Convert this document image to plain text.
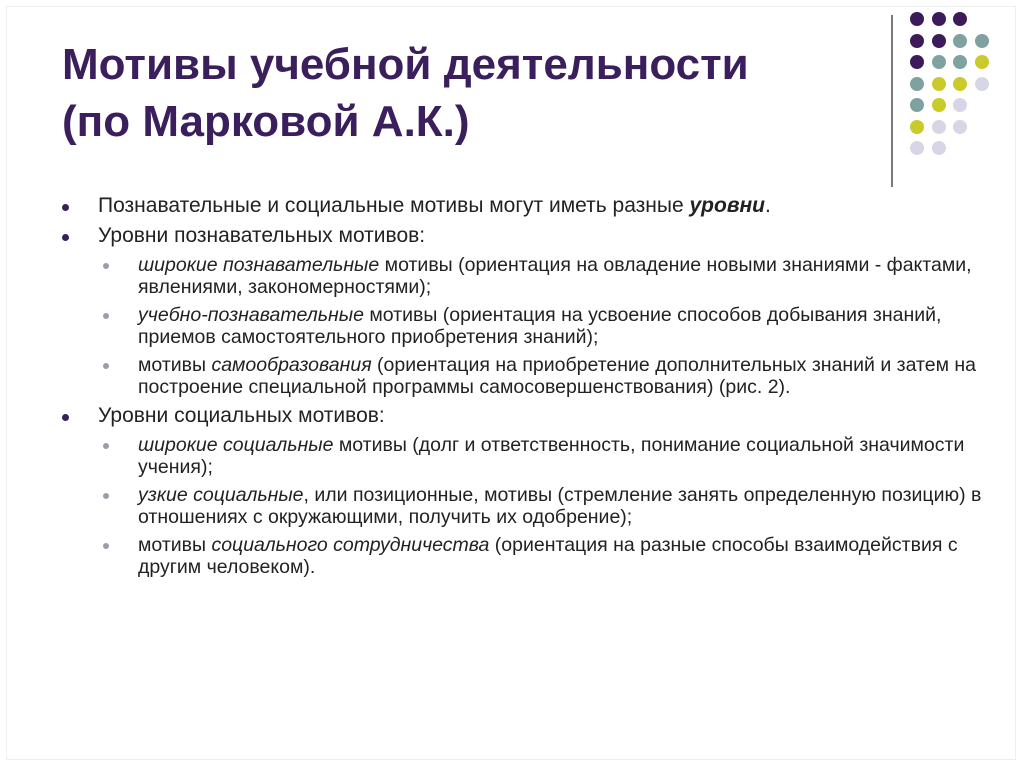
Мотивы учебной деятельности
(по Марковой А.К.)
Познавательные и социальные мотивы могут иметь разные уровни.
Уровни познавательных мотивов:
широкие познавательные мотивы (ориентация на овладение новыми знаниями - фактами, явлениями, закономерностями);
учебно-познавательные мотивы (ориентация на усвоение способов добывания знаний, приемов самостоятельного приобретения знаний);
мотивы самообразования (ориентация на приобретение дополнительных знаний и затем на построение специальной программы самосовершенствования) (рис. 2).
Уровни социальных мотивов:
широкие социальные мотивы (долг и ответственность, понимание социальной значимости учения);
узкие социальные, или позиционные, мотивы (стремление занять определенную позицию) в отношениях с окружающими, получить их одобрение);
мотивы социального сотрудничества (ориентация на разные способы взаимодействия с другим человеком).
